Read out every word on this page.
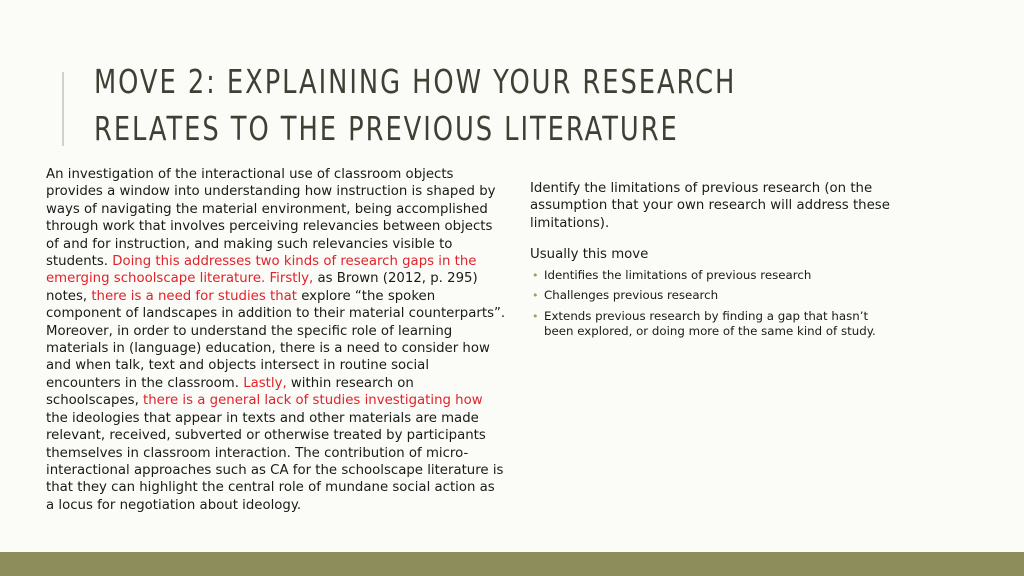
MOVE 2: EXPLAINING HOW YOUR RESEARCH
RELATES TO THE PREVIOUS LITERATURE

An investigation of the interactional use of classroom objects provides a window into understanding how instruction is shaped by ways of navigating the material environment, being accomplished through work that involves perceiving relevancies between objects of and for instruction, and making such relevancies visible to students. Doing this addresses two kinds of research gaps in the emerging schoolscape literature. Firstly, as Brown (2012, p. 295) notes, there is a need for studies that explore “the spoken component of landscapes in addition to their material counterparts”. Moreover, in order to understand the specific role of learning materials in (language) education, there is a need to consider how and when talk, text and objects intersect in routine social encounters in the classroom. Lastly, within research on schoolscapes, there is a general lack of studies investigating how the ideologies that appear in texts and other materials are made relevant, received, subverted or otherwise treated by participants themselves in classroom interaction. The contribution of micro-interactional approaches such as CA for the schoolscape literature is that they can highlight the central role of mundane social action as a locus for negotiation about ideology.

Identify the limitations of previous research (on the assumption that your own research will address these limitations).

Usually this move

• Identifies the limitations of previous research
• Challenges previous research
• Extends previous research by finding a gap that hasn’t been explored, or doing more of the same kind of study.
